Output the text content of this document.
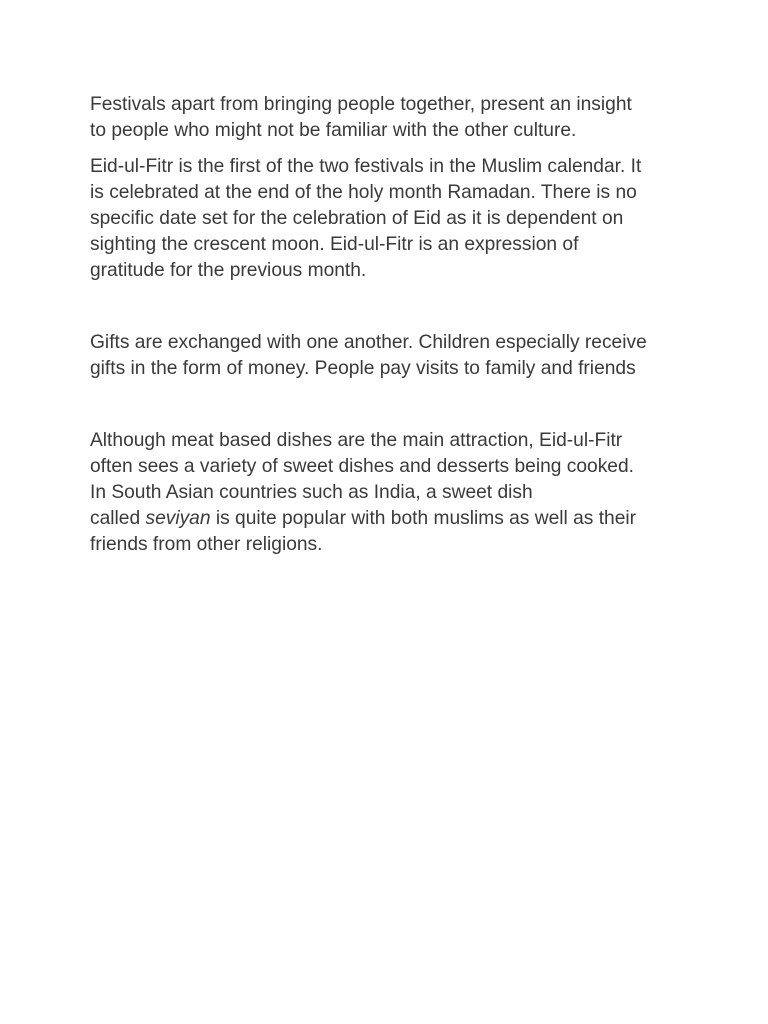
Festivals apart from bringing people together, present an insight
to people who might not be familiar with the other culture.

Eid-ul-Fitr is the first of the two festivals in the Muslim calendar. It
is celebrated at the end of the holy month Ramadan. There is no
specific date set for the celebration of Eid as it is dependent on
sighting the crescent moon. Eid-ul-Fitr is an expression of
gratitude for the previous month.

Gifts are exchanged with one another. Children especially receive
gifts in the form of money. People pay visits to family and friends

Although meat based dishes are the main attraction, Eid-ul-Fitr
often sees a variety of sweet dishes and desserts being cooked.
In South Asian countries such as India, a sweet dish
called seviyan is quite popular with both muslims as well as their
friends from other religions.
